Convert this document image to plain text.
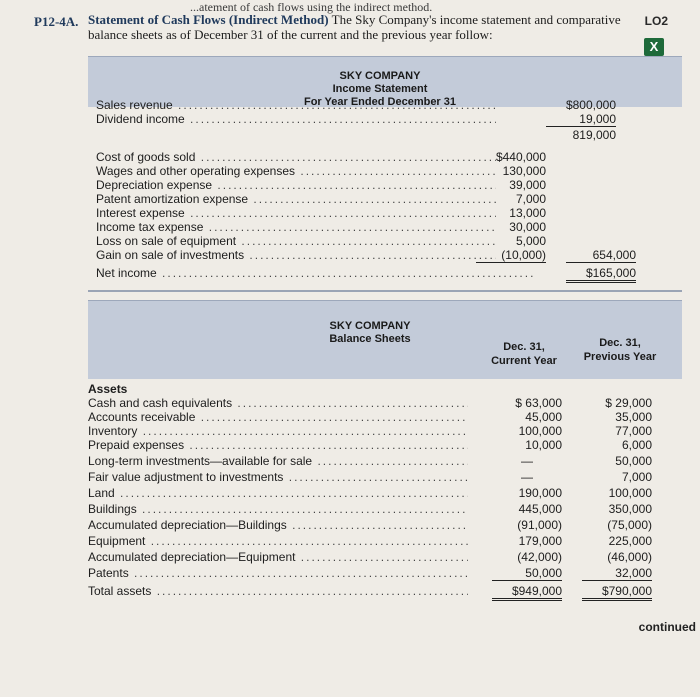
...atement of cash flows using the indirect method.
P12-4A. Statement of Cash Flows (Indirect Method) The Sky Company's income statement and comparative balance sheets as of December 31 of the current and the previous year follow:
LO2
X
SKY COMPANY
Income Statement
For Year Ended December 31
Sales revenue .....	$800,000
Dividend income .....	19,000
819,000
Cost of goods sold .....	$440,000
Wages and other operating expenses .....	130,000
Depreciation expense .....	39,000
Patent amortization expense .....	7,000
Interest expense .....	13,000
Income tax expense .....	30,000
Loss on sale of equipment .....	5,000
Gain on sale of investments .....	(10,000)	654,000
Net income .....	$165,000
SKY COMPANY
Balance Sheets
Dec. 31,
Current Year
Dec. 31,
Previous Year
Assets
Cash and cash equivalents .....	$ 63,000	$ 29,000
Accounts receivable .....	45,000	35,000
Inventory .....	100,000	77,000
Prepaid expenses .....	10,000	6,000
Long-term investments—available for sale .....	—	50,000
Fair value adjustment to investments .....	—	7,000
Land .....	190,000	100,000
Buildings .....	445,000	350,000
Accumulated depreciation—Buildings .....	(91,000)	(75,000)
Equipment .....	179,000	225,000
Accumulated depreciation—Equipment .....	(42,000)	(46,000)
Patents .....	50,000	32,000
Total assets .....	$949,000	$790,000
continued
